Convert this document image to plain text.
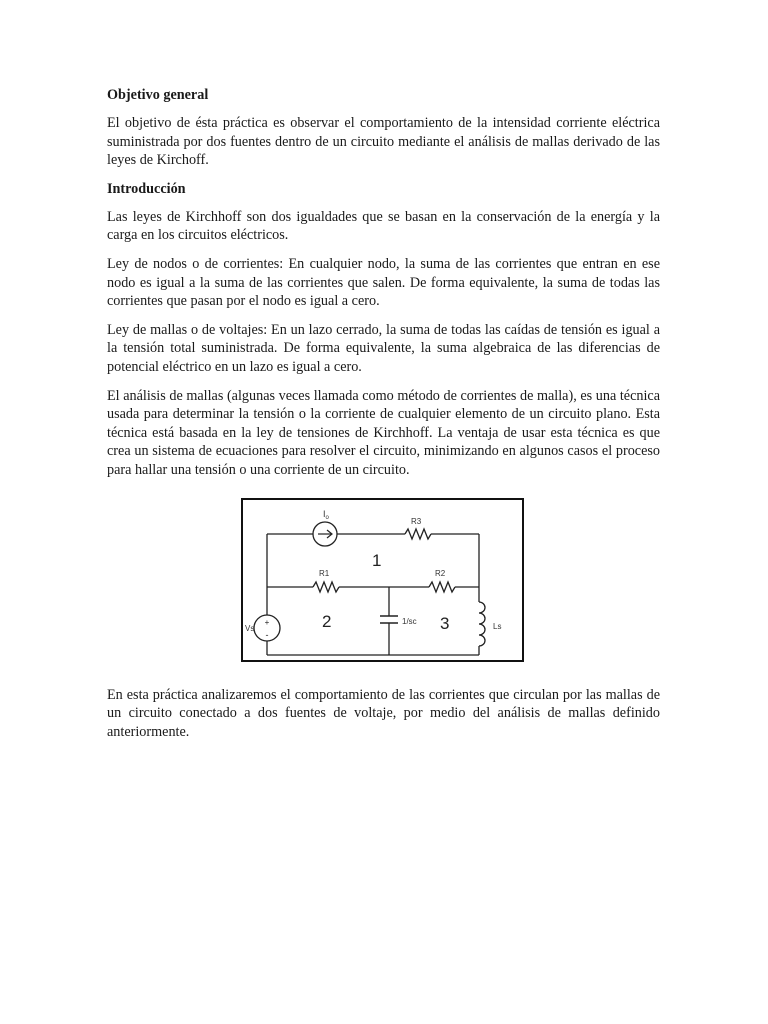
Objetivo general

El objetivo de ésta práctica es observar el comportamiento de la intensidad corriente eléctrica suministrada por dos fuentes dentro de un circuito mediante el análisis de mallas derivado de las leyes de Kirchoff.

Introducción

Las leyes de Kirchhoff son dos igualdades que se basan en la conservación de la energía y la carga en los circuitos eléctricos.

Ley de nodos o de corrientes: En cualquier nodo, la suma de las corrientes que entran en ese nodo es igual a la suma de las corrientes que salen. De forma equivalente, la suma de todas las corrientes que pasan por el nodo es igual a cero.

Ley de mallas o de voltajes: En un lazo cerrado, la suma de todas las caídas de tensión es igual a la tensión total suministrada. De forma equivalente, la suma algebraica de las diferencias de potencial eléctrico en un lazo es igual a cero.

El análisis de mallas (algunas veces llamada como método de corrientes de malla), es una técnica usada para determinar la tensión o la corriente de cualquier elemento de un circuito plano. Esta técnica está basada en la ley de tensiones de Kirchhoff. La ventaja de usar esta técnica es que crea un sistema de ecuaciones para resolver el circuito, minimizando en algunos casos el proceso para hallar una tensión o una corriente de un circuito.

+
-
$I_o$	R3
R1	R2
Vs
1/sc
Ls
1
2	3

En esta práctica analizaremos el comportamiento de las corrientes que circulan por las mallas de un circuito conectado a dos fuentes de voltaje, por medio del análisis de mallas definido anteriormente.
